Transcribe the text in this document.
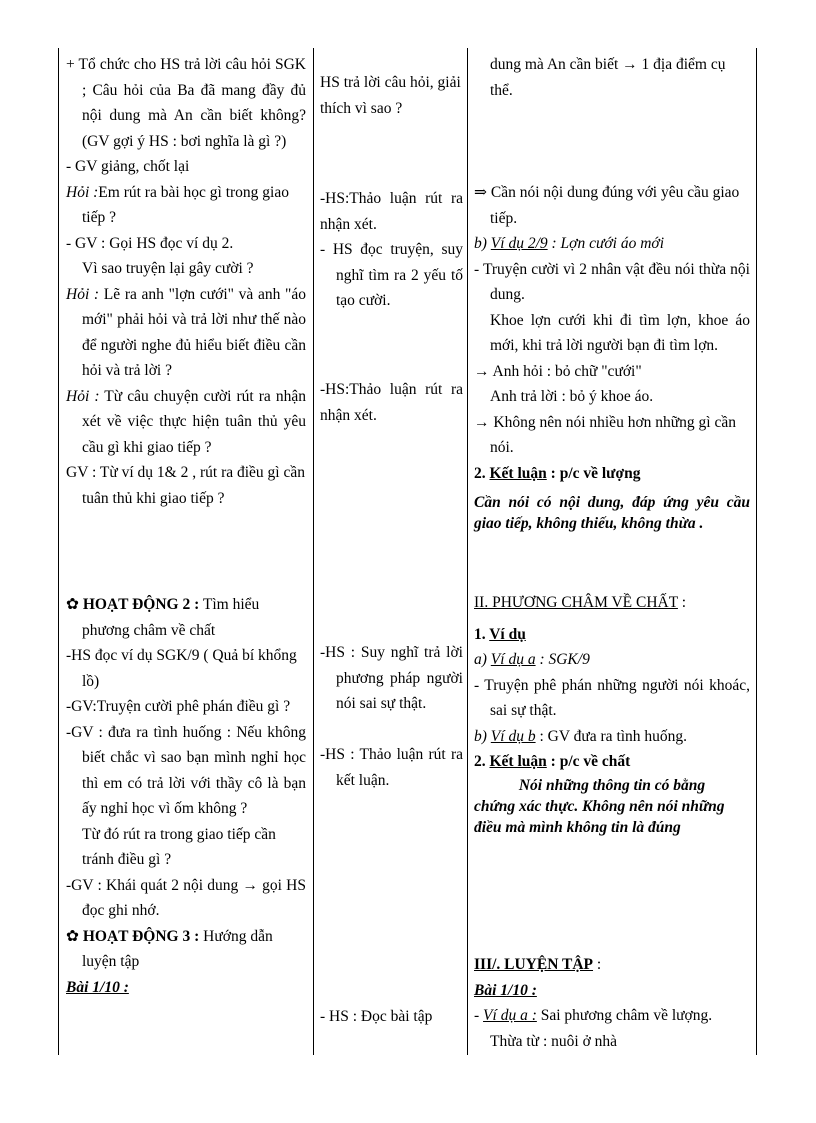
+ Tổ chức cho HS trả lời câu hỏi SGK ; Câu hỏi của Ba đã mang đầy đủ nội dung mà An cần biết không? (GV gợi ý HS : bơi nghĩa là gì ?)

- GV giảng, chốt lại

Hỏi :Em rút ra bài học gì trong giao tiếp ?

- GV : Gọi HS đọc ví dụ 2.

Vì sao truyện lại gây cười ?

Hỏi : Lẽ ra anh "lợn cưới" và anh "áo mới" phải hỏi và trả lời như thế nào để người nghe đủ hiểu biết điều cần hỏi và trả lời ?

Hỏi : Từ câu chuyện cười rút ra nhận xét về việc thực hiện tuân thủ yêu cầu gì khi giao tiếp ?

GV : Từ ví dụ 1& 2 , rút ra điều gì cần tuân thủ khi giao tiếp ?

✿ HOẠT ĐỘNG 2 : Tìm hiểu phương châm về chất

-HS đọc ví dụ SGK/9 ( Quả bí khổng lồ)

-GV:Truyện cười phê phán điều gì ?

-GV : đưa ra tình huống : Nếu không biết chắc vì sao bạn mình nghỉ học thì em có trả lời với thầy cô là bạn ấy nghỉ học vì ốm không ?

Từ đó rút ra trong giao tiếp cần tránh điều gì ?

-GV : Khái quát 2 nội dung → gọi HS đọc ghi nhớ.

✿ HOẠT ĐỘNG 3 : Hướng dẫn luyện tập

Bài 1/10 :

HS trả lời câu hỏi, giải thích vì sao ?

-HS:Thảo luận rút ra nhận xét.

- HS đọc truyện, suy nghĩ tìm ra 2 yếu tố tạo cười.

-HS:Thảo luận rút ra nhận xét.

-HS : Suy nghĩ trả lời phương pháp người nói sai sự thật.

-HS : Thảo luận rút ra kết luận.

- HS : Đọc bài tập

dung mà An cần biết → 1 địa điểm cụ thể.

⇒ Cần nói nội dung đúng với yêu cầu giao tiếp.

b) Ví dụ 2/9 : Lợn cưới áo mới

- Truyện cười vì 2 nhân vật đều nói thừa nội dung.

Khoe lợn cưới khi đi tìm lợn, khoe áo mới, khi trả lời người bạn đi tìm lợn.

→ Anh hỏi : bỏ chữ "cưới"

Anh trả lời : bỏ ý khoe áo.

→ Không nên nói nhiều hơn những gì cần nói.

2. Kết luận : p/c về lượng

Cần nói có nội dung, đáp ứng yêu cầu giao tiếp, không thiếu, không thừa .

II. PHƯƠNG CHÂM VỀ CHẤT :

1. Ví dụ

a) Ví dụ a : SGK/9

- Truyện phê phán những người nói khoác, sai sự thật.

b) Ví dụ b : GV đưa ra tình huống.

2. Kết luận : p/c về chất

Nói những thông tin có bằng

chứng xác thực. Không nên nói những điều mà mình không tin là đúng

III/. LUYỆN TẬP :

Bài 1/10 :

- Ví dụ a : Sai phương châm về lượng.

Thừa từ : nuôi ở nhà
